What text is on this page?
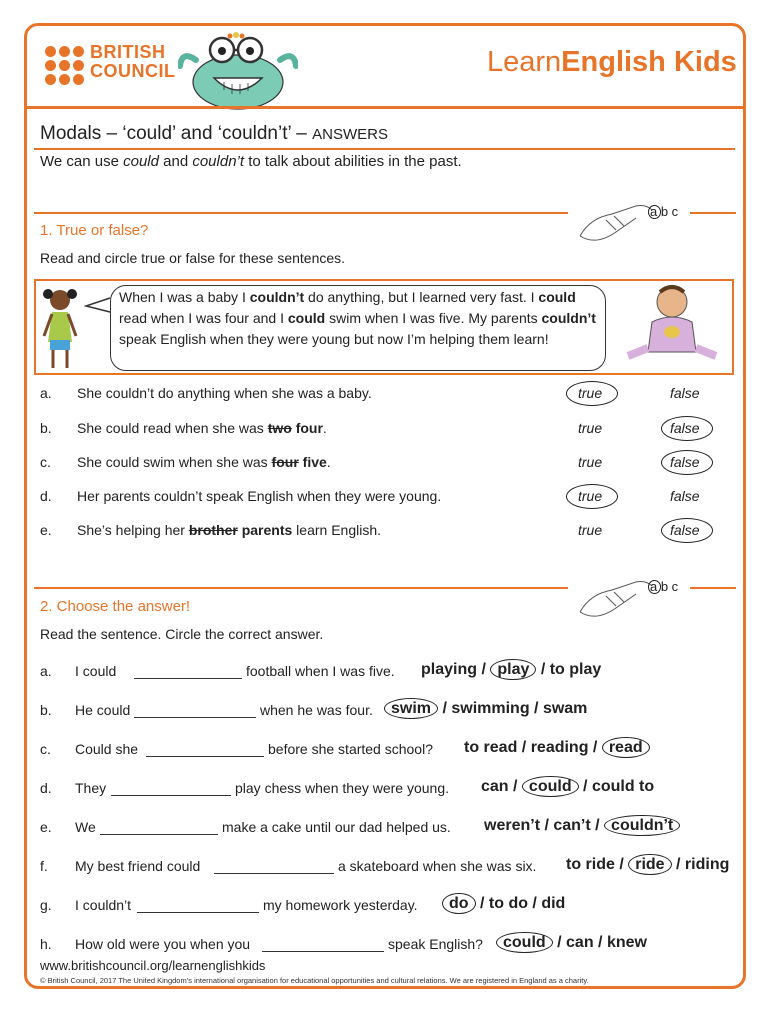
BRITISH
COUNCIL	LearnEnglish Kids
Modals – ‘could’ and ‘couldn’t’ – ANSWERS
We can use could and couldn’t to talk about abilities in the past.
a b c
1. True or false?
Read and circle true or false for these sentences.
When I was a baby I couldn’t do anything, but I learned very fast. I could read when I was four and I could swim when I was five. My parents couldn’t speak English when they were young but now I’m helping them learn!
a. She couldn’t do anything when she was a baby.	true	false
b. She could read when she was two four.	true	false
c. She could swim when she was four five.	true	false
d. Her parents couldn’t speak English when they were young.	true	false
e. She’s helping her brother parents learn English.	true	false
a b c
2. Choose the answer!
Read the sentence. Circle the correct answer.
a. I could	football when I was five. playing / play / to play
b. He could	when he was four.	swim / swimming / swam
c. Could she	before she started school? to read / reading / read
d. They	play chess when they were young. can / could / could to
e. We	make a cake until our dad helped us. weren’t / can’t / couldn’t
f. My best friend could	a skateboard when she was six. to ride / ride / riding
g. I couldn’t	my homework yesterday.	do / to do / did
h. How old were you when you	speak English?	could / can / knew
www.britishcouncil.org/learnenglishkids
© British Council, 2017 The United Kingdom’s international organisation for educational opportunities and cultural relations. We are registered in England as a charity.
